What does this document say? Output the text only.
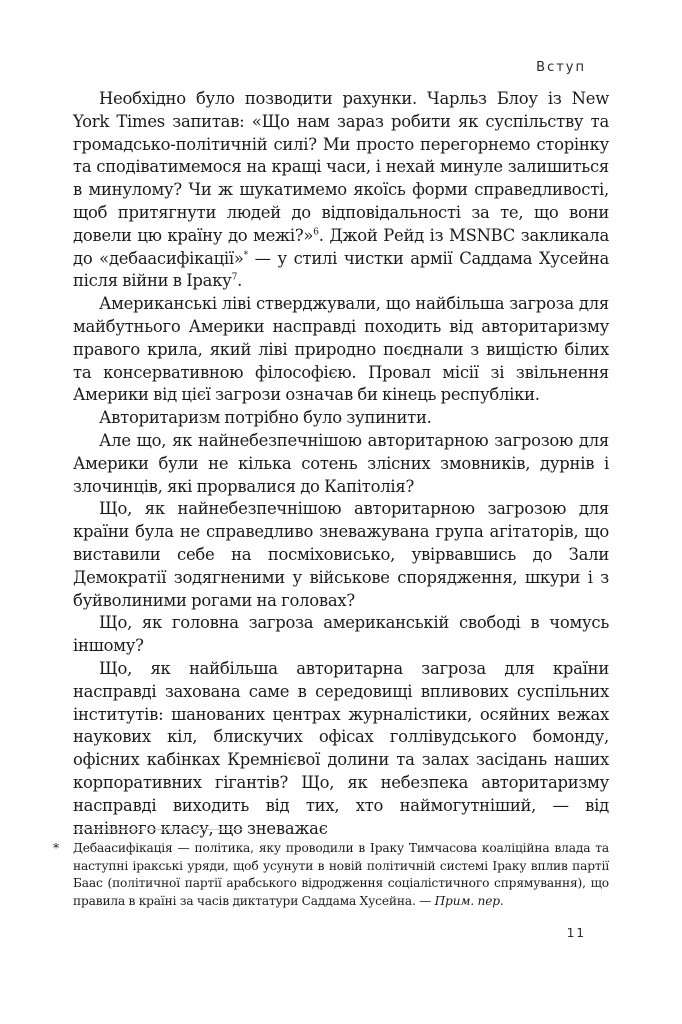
Вступ

Необхідно було позводити рахунки. Чарльз Блоу із New York Times запитав: «Що нам зараз робити як суспільству та громадсько-політичній силі? Ми просто перегорнемо сторінку та сподіватимемося на кращі часи, і нехай минуле залишиться в минулому? Чи ж шукатимемо якоїсь форми справедливості, щоб притягнути людей до відповідальності за те, що вони довели цю країну до межі?»$^6$. Джой Рейд із MSNBC закликала до «дебаасифікації»* — у стилі чистки армії Саддама Хусейна після війни в Іраку$^7$.

Американські ліві стверджували, що найбільша загроза для майбутнього Америки насправді походить від авторитаризму правого крила, який ліві природно поєднали з вищістю білих та консервативною філософією. Провал місії зі звільнення Америки від цієї загрози означав би кінець республіки.

Авторитаризм потрібно було зупинити.

Але що, як найнебезпечнішою авторитарною загрозою для Америки були не кілька сотень злісних змовників, дурнів і злочинців, які прорвалися до Капітолія?

Що, як найнебезпечнішою авторитарною загрозою для країни була не справедливо зневажувана група агітаторів, що виставили себе на посміховисько, увірвавшись до Зали Демократії зодягненими у військове спорядження, шкури і з буйволиними рогами на головах?

Що, як головна загроза американській свободі в чомусь іншому?

Що, як найбільша авторитарна загроза для країни насправді захована саме в середовищі впливових суспільних інститутів: шанованих центрах журналістики, осяйних вежах наукових кіл, блискучих офісах голлівудського бомонду, офісних кабінках Кремнієвої долини та залах засідань наших корпоративних гігантів? Що, як небезпека авторитаризму насправді виходить від тих, хто наймогутніший, — від панівного класу, що зневажає

* Дебаасифікація — політика, яку проводили в Іраку Тимчасова коаліційна влада та наступні іракські уряди, щоб усунути в новій політичній системі Іраку вплив партії Баас (політичної партії арабського відродження соціалістичного спрямування), що правила в країні за часів диктатури Саддама Хусейна. — Прим. пер.
11
